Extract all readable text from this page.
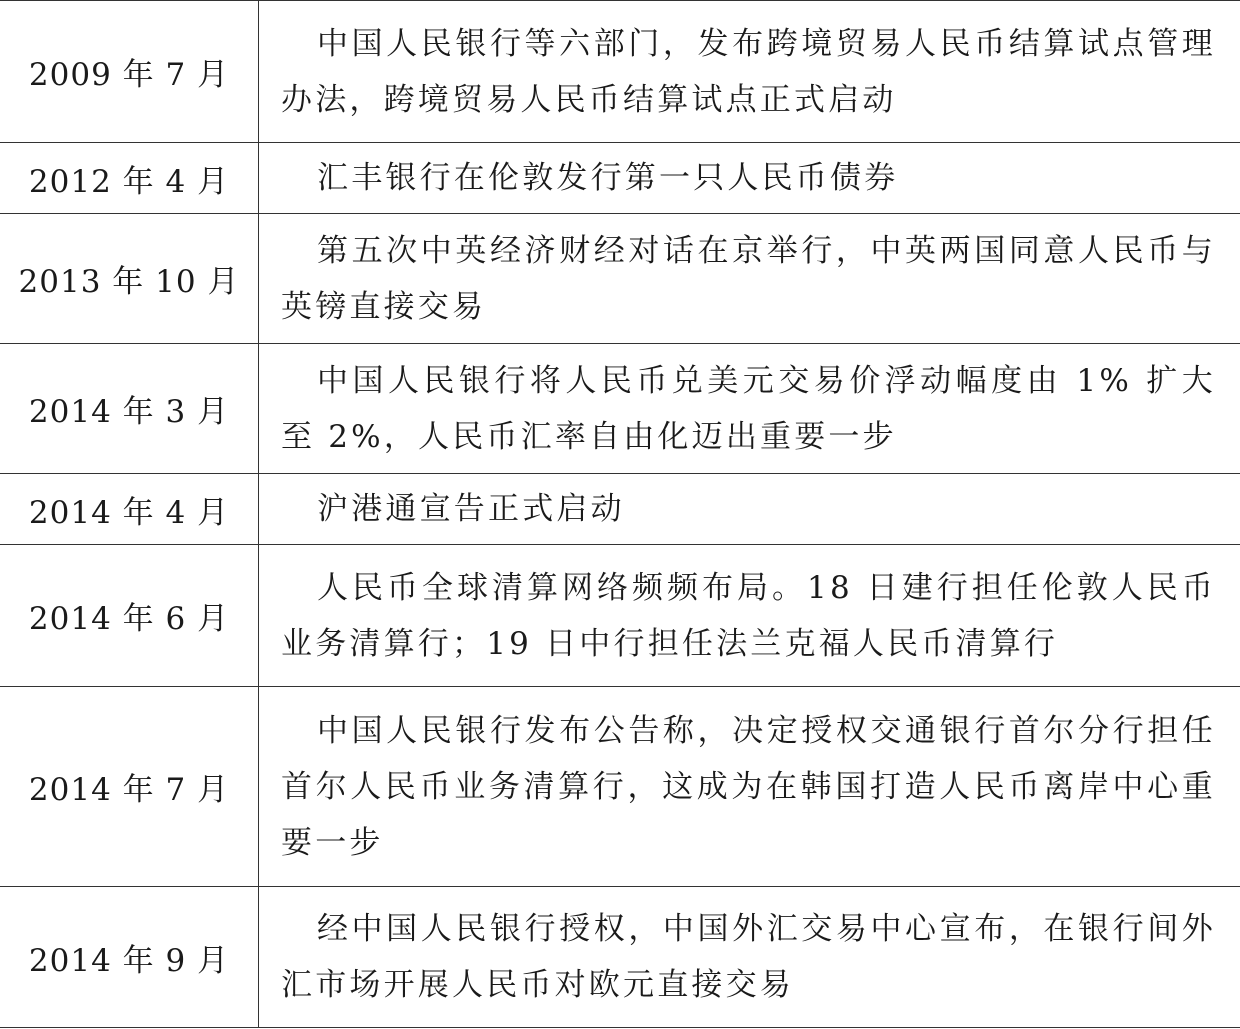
2009 年 7 月	中国人民银行等六部门，发布跨境贸易人民币结算试点管理办法，跨境贸易人民币结算试点正式启动
2012 年 4 月	汇丰银行在伦敦发行第一只人民币债券
2013 年 10 月	第五次中英经济财经对话在京举行，中英两国同意人民币与英镑直接交易
2014 年 3 月	中国人民银行将人民币兑美元交易价浮动幅度由 1% 扩大至 2%，人民币汇率自由化迈出重要一步
2014 年 4 月	沪港通宣告正式启动
2014 年 6 月	人民币全球清算网络频频布局。18 日建行担任伦敦人民币业务清算行；19 日中行担任法兰克福人民币清算行
2014 年 7 月	中国人民银行发布公告称，决定授权交通银行首尔分行担任首尔人民币业务清算行，这成为在韩国打造人民币离岸中心重要一步
2014 年 9 月	经中国人民银行授权，中国外汇交易中心宣布，在银行间外汇市场开展人民币对欧元直接交易
